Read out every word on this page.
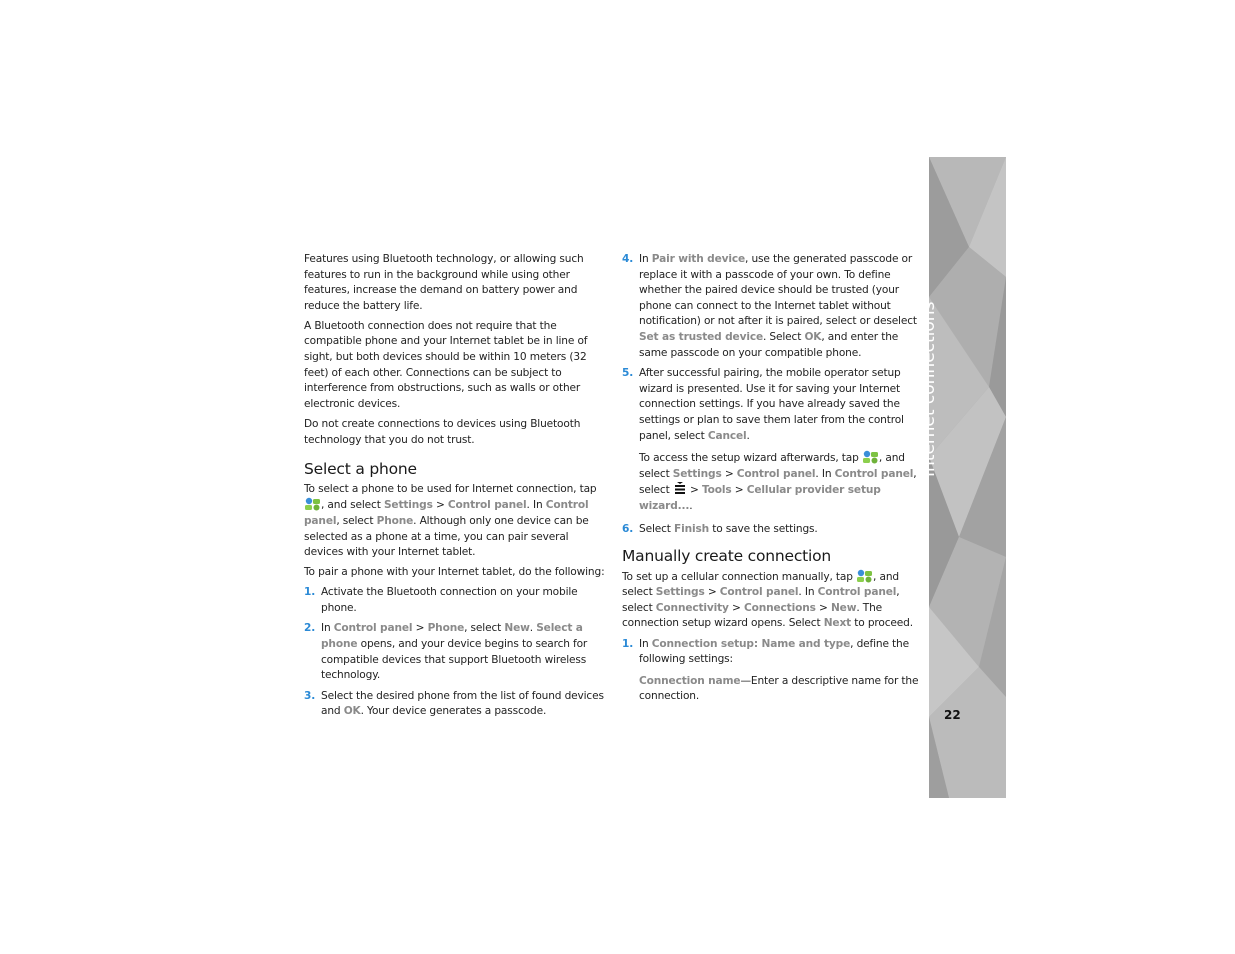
Internet connections
22

Features using Bluetooth technology, or allowing such features to run in the background while using other features, increase the demand on battery power and reduce the battery life.

A Bluetooth connection does not require that the compatible phone and your Internet tablet be in line of sight, but both devices should be within 10 meters (32 feet) of each other. Connections can be subject to interference from obstructions, such as walls or other electronic devices.

Do not create connections to devices using Bluetooth technology that you do not trust.

Select a phone

To select a phone to be used for Internet connection, tap
, and select Settings > Control panel. In Control panel, select Phone. Although only one device can be selected as a phone at a time, you can pair several devices with your Internet tablet.

To pair a phone with your Internet tablet, do the following:

1. Activate the Bluetooth connection on your mobile phone.
2. In Control panel > Phone, select New. Select a phone opens, and your device begins to search for compatible devices that support Bluetooth wireless technology.
3. Select the desired phone from the list of found devices and OK. Your device generates a passcode.
4. In Pair with device, use the generated passcode or replace it with a passcode of your own. To define whether the paired device should be trusted (your phone can connect to the Internet tablet without notification) or not after it is paired, select or deselect Set as trusted device. Select OK, and enter the same passcode on your compatible phone.
5. After successful pairing, the mobile operator setup wizard is presented. Use it for saving your Internet connection settings. If you have already saved the settings or plan to save them later from the control panel, select Cancel.

To access the setup wizard afterwards, tap , and select Settings > Control panel. In Control panel, select  > Tools > Cellular provider setup wizard....

6. Select Finish to save the settings.
Manually create connection

To set up a cellular connection manually, tap , and select Settings > Control panel. In Control panel, select Connectivity > Connections > New. The connection setup wizard opens. Select Next to proceed.

1. In Connection setup: Name and type, define the following settings:

Connection name—Enter a descriptive name for the connection.
